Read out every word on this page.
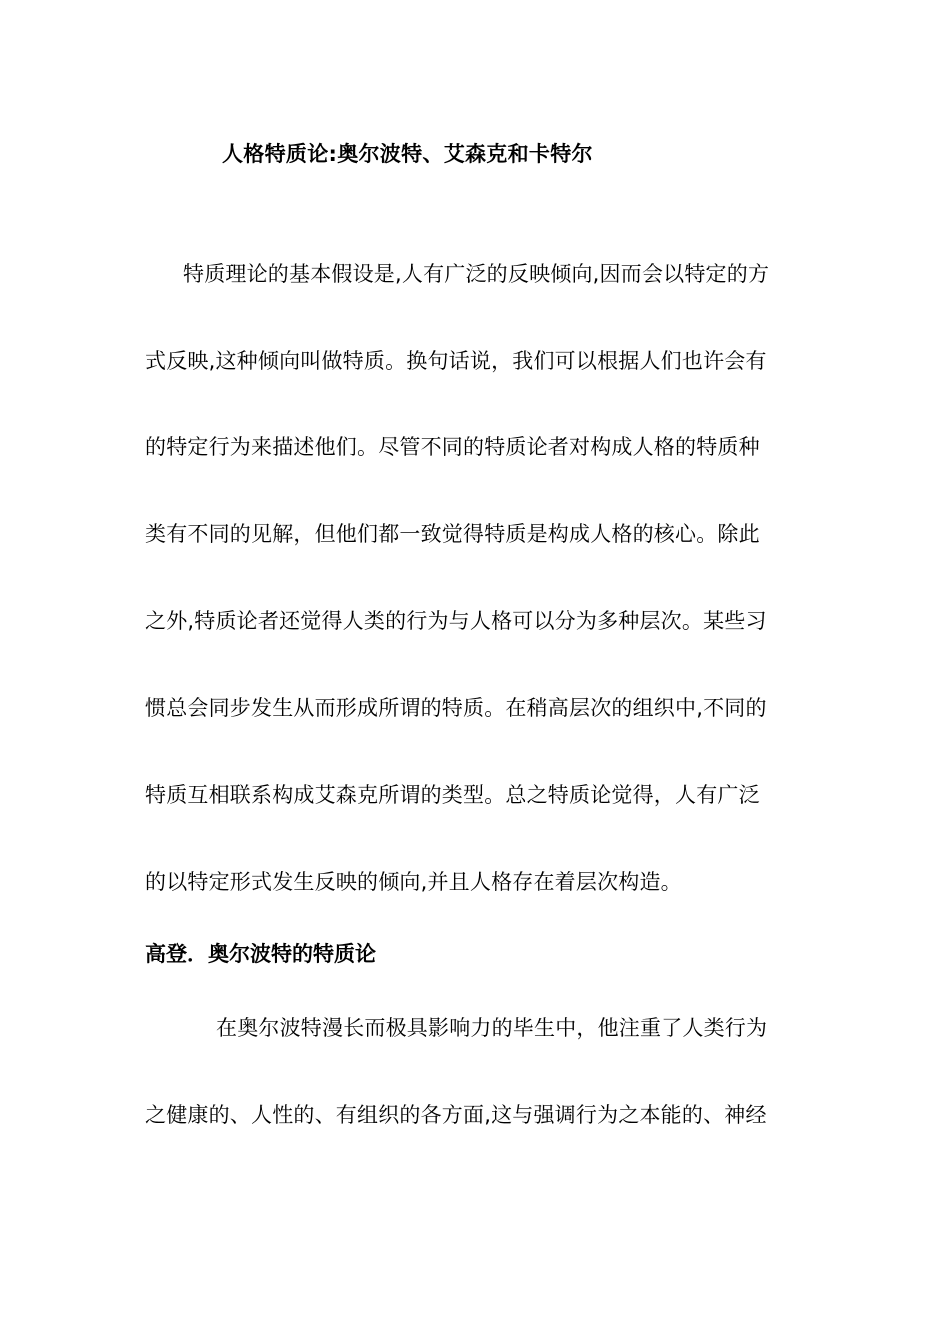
人格特质论:奥尔波特、艾森克和卡特尔
特质理论的基本假设是,人有广泛的反映倾向,因而会以特定的方
式反映,这种倾向叫做特质。换句话说，我们可以根据人们也许会有
的特定行为来描述他们。尽管不同的特质论者对构成人格的特质种
类有不同的见解，但他们都一致觉得特质是构成人格的核心。除此
之外,特质论者还觉得人类的行为与人格可以分为多种层次。某些习
惯总会同步发生从而形成所谓的特质。在稍高层次的组织中,不同的
特质互相联系构成艾森克所谓的类型。总之特质论觉得，人有广泛
的以特定形式发生反映的倾向,并且人格存在着层次构造。
高登．奥尔波特的特质论
在奥尔波特漫长而极具影响力的毕生中，他注重了人类行为
之健康的、人性的、有组织的各方面,这与强调行为之本能的、神经
